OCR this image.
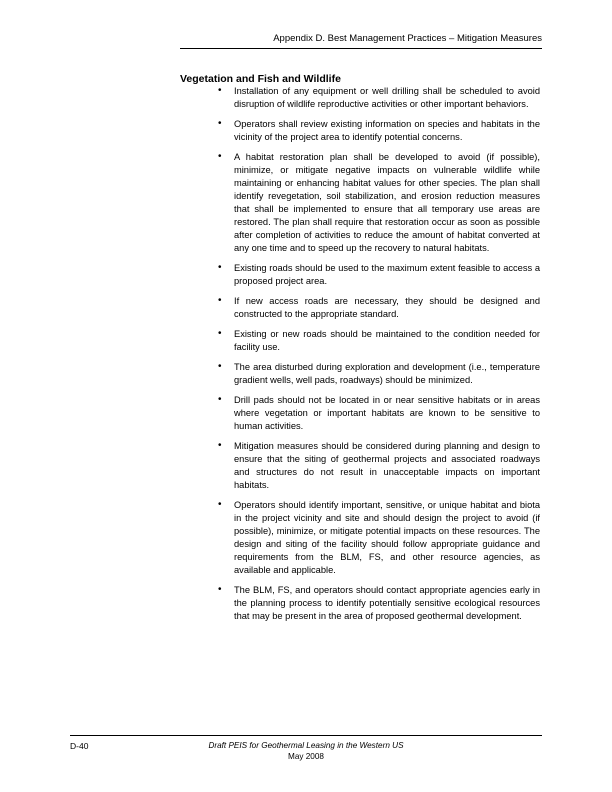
Appendix D. Best Management Practices – Mitigation Measures
Vegetation and Fish and Wildlife
• Installation of any equipment or well drilling shall be scheduled to avoid disruption of wildlife reproductive activities or other important behaviors.
• Operators shall review existing information on species and habitats in the vicinity of the project area to identify potential concerns.
• A habitat restoration plan shall be developed to avoid (if possible), minimize, or mitigate negative impacts on vulnerable wildlife while maintaining or enhancing habitat values for other species. The plan shall identify revegetation, soil stabilization, and erosion reduction measures that shall be implemented to ensure that all temporary use areas are restored. The plan shall require that restoration occur as soon as possible after completion of activities to reduce the amount of habitat converted at any one time and to speed up the recovery to natural habitats.
• Existing roads should be used to the maximum extent feasible to access a proposed project area.
• If new access roads are necessary, they should be designed and constructed to the appropriate standard.
• Existing or new roads should be maintained to the condition needed for facility use.
• The area disturbed during exploration and development (i.e., temperature gradient wells, well pads, roadways) should be minimized.
• Drill pads should not be located in or near sensitive habitats or in areas where vegetation or important habitats are known to be sensitive to human activities.
• Mitigation measures should be considered during planning and design to ensure that the siting of geothermal projects and associated roadways and structures do not result in unacceptable impacts on important habitats.
• Operators should identify important, sensitive, or unique habitat and biota in the project vicinity and site and should design the project to avoid (if possible), minimize, or mitigate potential impacts on these resources. The design and siting of the facility should follow appropriate guidance and requirements from the BLM, FS, and other resource agencies, as available and applicable.
• The BLM, FS, and operators should contact appropriate agencies early in the planning process to identify potentially sensitive ecological resources that may be present in the area of proposed geothermal development.
D-40	Draft PEIS for Geothermal Leasing in the Western US
May 2008
